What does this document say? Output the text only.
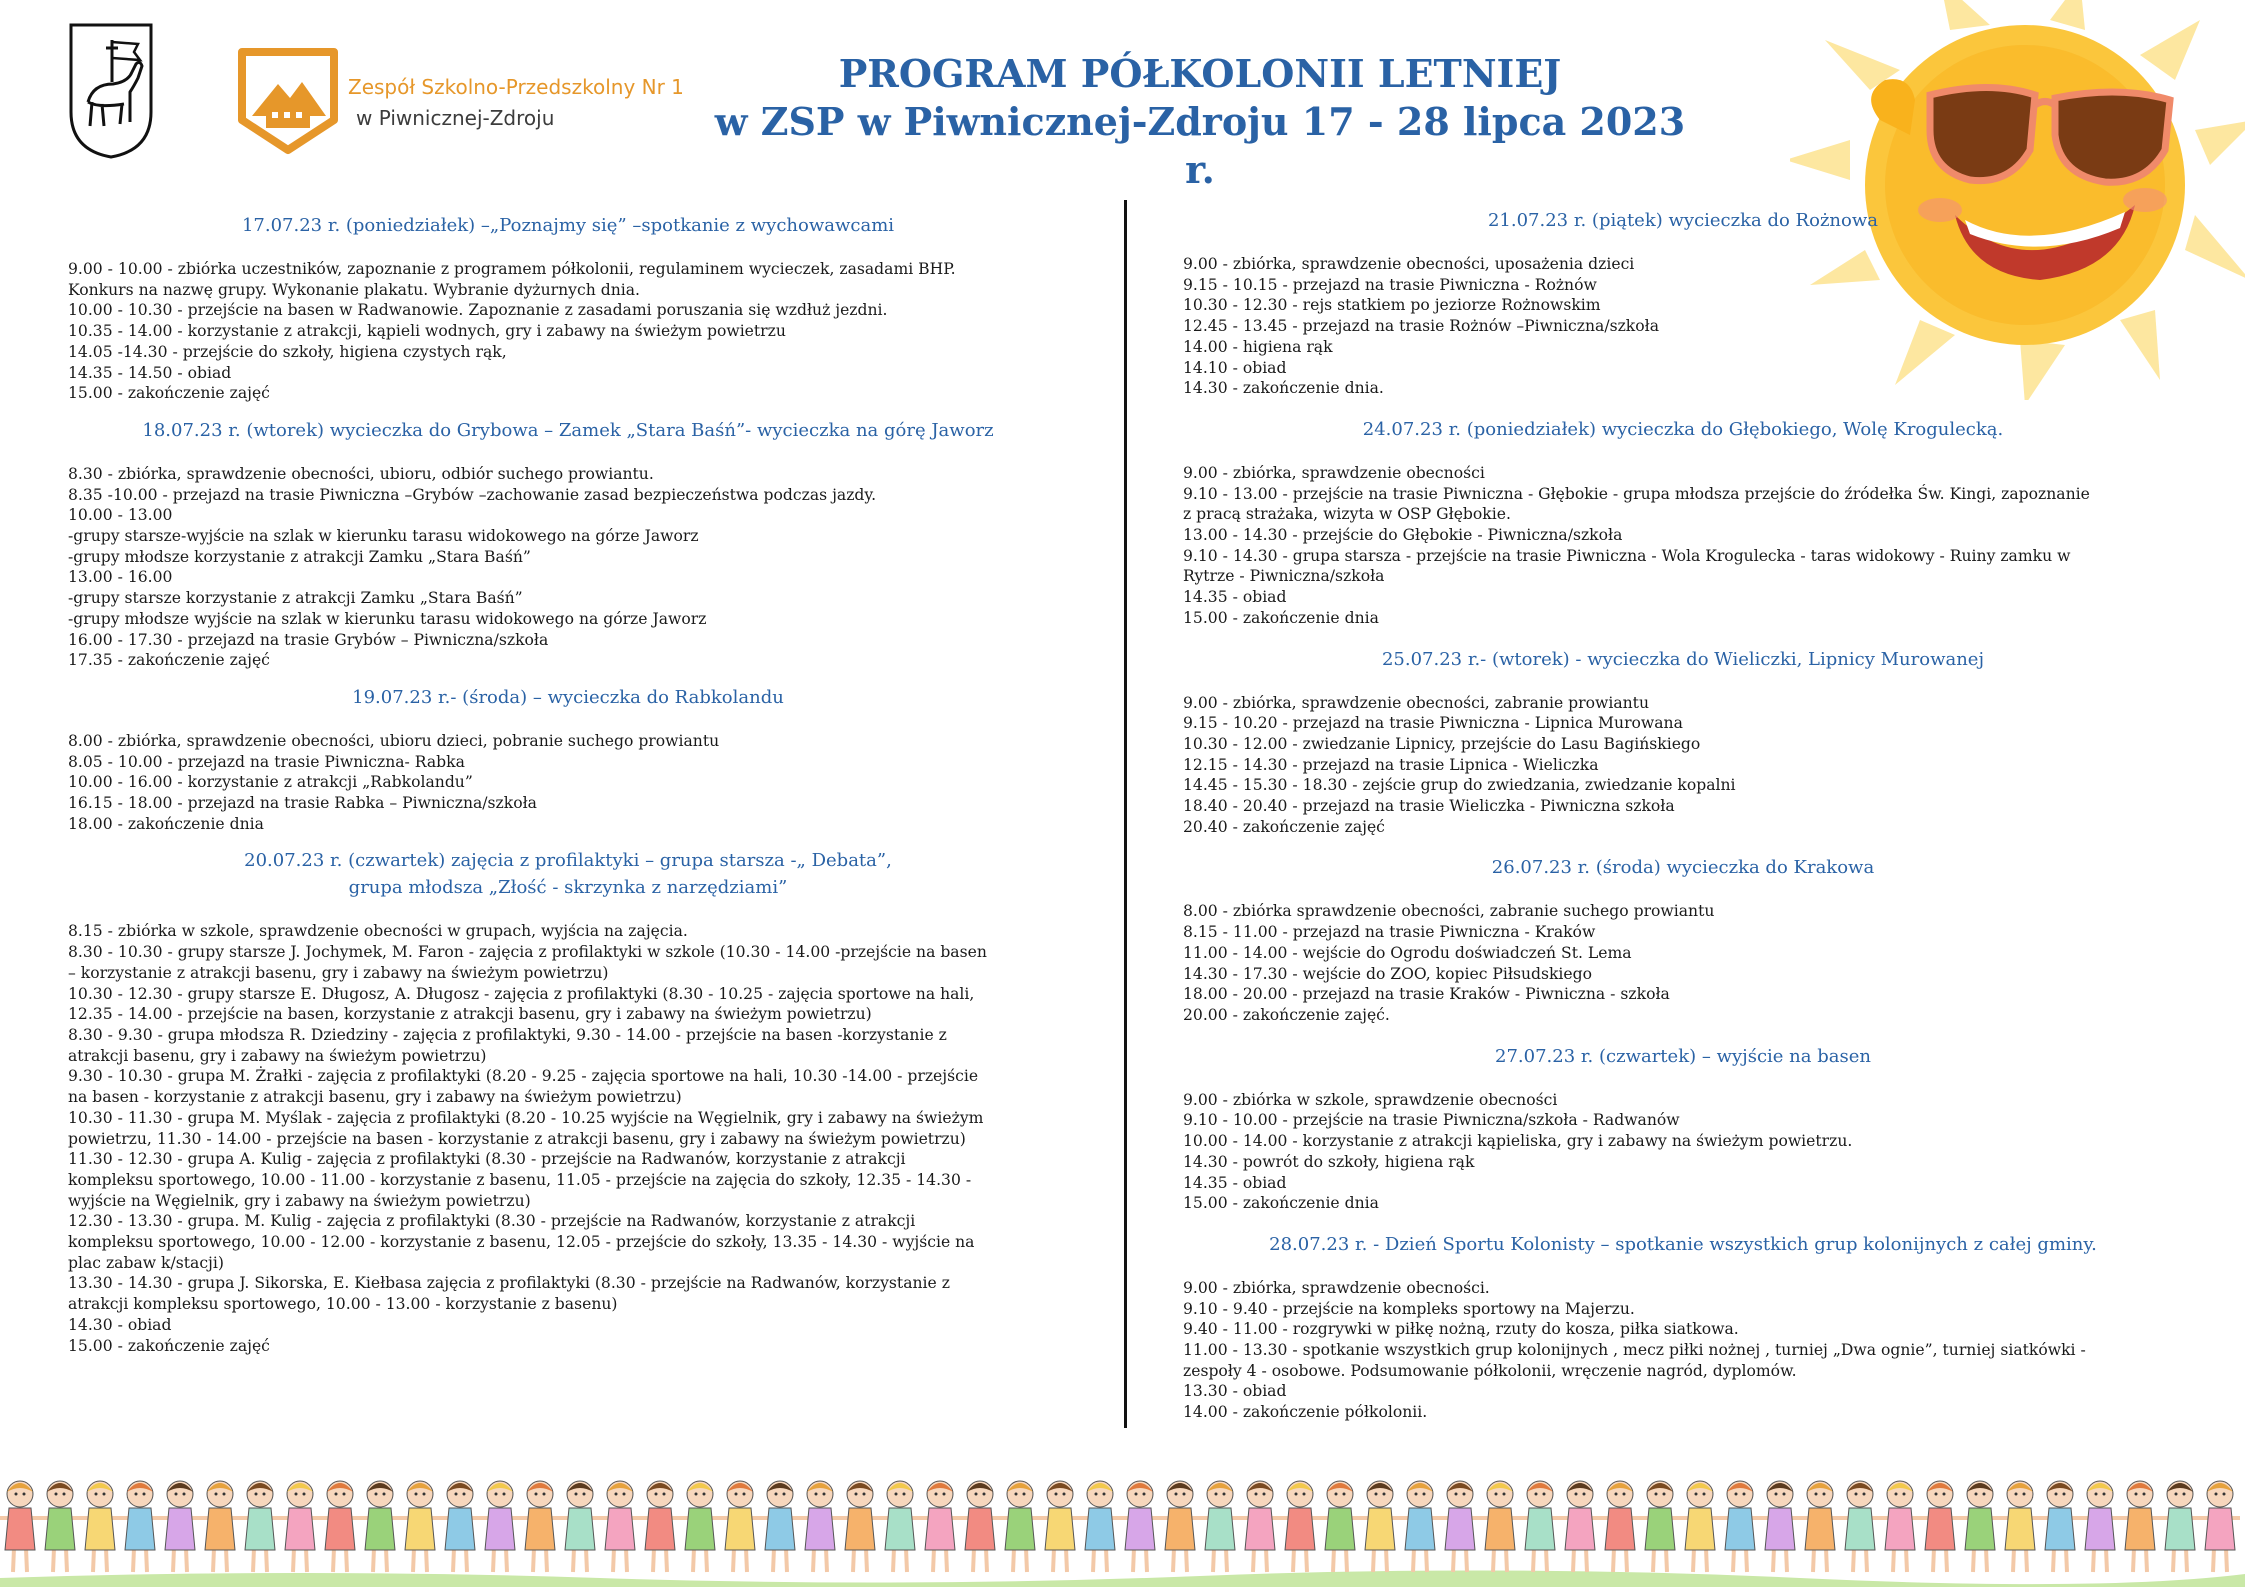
Zespół Szkolno-Przedszkolny Nr 1
w Piwnicznej-Zdroju
PROGRAM PÓŁKOLONII LETNIEJ
w ZSP w Piwnicznej-Zdroju 17 - 28 lipca 2023 r.
17.07.23 r. (poniedziałek) –„Poznajmy się” –spotkanie z wychowawcami
9.00 - 10.00 - zbiórka uczestników, zapoznanie z programem półkolonii, regulaminem wycieczek, zasadami BHP.
Konkurs na nazwę grupy. Wykonanie plakatu. Wybranie dyżurnych dnia.
10.00 - 10.30 - przejście na basen w Radwanowie. Zapoznanie z zasadami poruszania się wzdłuż jezdni.
10.35 - 14.00 - korzystanie z atrakcji, kąpieli wodnych, gry i zabawy na świeżym powietrzu
14.05 -14.30 - przejście do szkoły, higiena czystych rąk,
14.35 - 14.50 - obiad
15.00 - zakończenie zajęć
18.07.23 r. (wtorek) wycieczka do Grybowa – Zamek „Stara Baśń”- wycieczka na górę Jaworz
8.30 - zbiórka, sprawdzenie obecności, ubioru, odbiór suchego prowiantu.
8.35 -10.00 - przejazd na trasie Piwniczna –Grybów –zachowanie zasad bezpieczeństwa podczas jazdy.
10.00 - 13.00
-grupy starsze-wyjście na szlak w kierunku tarasu widokowego na górze Jaworz
-grupy młodsze korzystanie z atrakcji Zamku „Stara Baśń”
13.00 - 16.00
-grupy starsze korzystanie z atrakcji Zamku „Stara Baśń”
-grupy młodsze wyjście na szlak w kierunku tarasu widokowego na górze Jaworz
16.00 - 17.30 - przejazd na trasie Grybów – Piwniczna/szkoła
17.35 - zakończenie zajęć
19.07.23 r.- (środa) – wycieczka do Rabkolandu
8.00 - zbiórka, sprawdzenie obecności, ubioru dzieci, pobranie suchego prowiantu
8.05 - 10.00 - przejazd na trasie Piwniczna- Rabka
10.00 - 16.00 - korzystanie z atrakcji „Rabkolandu”
16.15 - 18.00 - przejazd na trasie Rabka – Piwniczna/szkoła
18.00 - zakończenie dnia
20.07.23 r. (czwartek) zajęcia z profilaktyki – grupa starsza -„ Debata”,
grupa młodsza „Złość - skrzynka z narzędziami”
8.15 - zbiórka w szkole, sprawdzenie obecności w grupach, wyjścia na zajęcia.
8.30 - 10.30 - grupy starsze J. Jochymek, M. Faron - zajęcia z profilaktyki w szkole (10.30 - 14.00 -przejście na basen
– korzystanie z atrakcji basenu, gry i zabawy na świeżym powietrzu)
10.30 - 12.30 - grupy starsze E. Długosz, A. Długosz - zajęcia z profilaktyki (8.30 - 10.25 - zajęcia sportowe na hali,
12.35 - 14.00 - przejście na basen, korzystanie z atrakcji basenu, gry i zabawy na świeżym powietrzu)
8.30 - 9.30 - grupa młodsza R. Dziedziny - zajęcia z profilaktyki, 9.30 - 14.00 - przejście na basen -korzystanie z
atrakcji basenu, gry i zabawy na świeżym powietrzu)
9.30 - 10.30 - grupa M. Żrałki - zajęcia z profilaktyki (8.20 - 9.25 - zajęcia sportowe na hali, 10.30 -14.00 - przejście
na basen - korzystanie z atrakcji basenu, gry i zabawy na świeżym powietrzu)
10.30 - 11.30 - grupa M. Myślak - zajęcia z profilaktyki (8.20 - 10.25 wyjście na Węgielnik, gry i zabawy na świeżym
powietrzu, 11.30 - 14.00 - przejście na basen - korzystanie z atrakcji basenu, gry i zabawy na świeżym powietrzu)
11.30 - 12.30 - grupa A. Kulig - zajęcia z profilaktyki (8.30 - przejście na Radwanów, korzystanie z atrakcji
kompleksu sportowego, 10.00 - 11.00 - korzystanie z basenu, 11.05 - przejście na zajęcia do szkoły, 12.35 - 14.30 -
wyjście na Węgielnik, gry i zabawy na świeżym powietrzu)
12.30 - 13.30 - grupa. M. Kulig - zajęcia z profilaktyki (8.30 - przejście na Radwanów, korzystanie z atrakcji
kompleksu sportowego, 10.00 - 12.00 - korzystanie z basenu, 12.05 - przejście do szkoły, 13.35 - 14.30 - wyjście na
plac zabaw k/stacji)
13.30 - 14.30 - grupa J. Sikorska, E. Kiełbasa zajęcia z profilaktyki (8.30 - przejście na Radwanów, korzystanie z
atrakcji kompleksu sportowego, 10.00 - 13.00 - korzystanie z basenu)
14.30 - obiad
15.00 - zakończenie zajęć
21.07.23 r. (piątek) wycieczka do Rożnowa
9.00 - zbiórka, sprawdzenie obecności, uposażenia dzieci
9.15 - 10.15 - przejazd na trasie Piwniczna - Rożnów
10.30 - 12.30 - rejs statkiem po jeziorze Rożnowskim
12.45 - 13.45 - przejazd na trasie Rożnów –Piwniczna/szkoła
14.00 - higiena rąk
14.10 - obiad
14.30 - zakończenie dnia.
24.07.23 r. (poniedziałek) wycieczka do Głębokiego, Wolę Krogulecką.
9.00 - zbiórka, sprawdzenie obecności
9.10 - 13.00 - przejście na trasie Piwniczna - Głębokie - grupa młodsza przejście do źródełka Św. Kingi, zapoznanie
z pracą strażaka, wizyta w OSP Głębokie.
13.00 - 14.30 - przejście do Głębokie - Piwniczna/szkoła
9.10 - 14.30 - grupa starsza - przejście na trasie Piwniczna - Wola Krogulecka - taras widokowy - Ruiny zamku w
Rytrze - Piwniczna/szkoła
14.35 - obiad
15.00 - zakończenie dnia
25.07.23 r.- (wtorek) - wycieczka do Wieliczki, Lipnicy Murowanej
9.00 - zbiórka, sprawdzenie obecności, zabranie prowiantu
9.15 - 10.20 - przejazd na trasie Piwniczna - Lipnica Murowana
10.30 - 12.00 - zwiedzanie Lipnicy, przejście do Lasu Bagińskiego
12.15 - 14.30 - przejazd na trasie Lipnica - Wieliczka
14.45 - 15.30 - 18.30 - zejście grup do zwiedzania, zwiedzanie kopalni
18.40 - 20.40 - przejazd na trasie Wieliczka - Piwniczna szkoła
20.40 - zakończenie zajęć
26.07.23 r. (środa) wycieczka do Krakowa
8.00 - zbiórka sprawdzenie obecności, zabranie suchego prowiantu
8.15 - 11.00 - przejazd na trasie Piwniczna - Kraków
11.00 - 14.00 - wejście do Ogrodu doświadczeń St. Lema
14.30 - 17.30 - wejście do ZOO, kopiec Piłsudskiego
18.00 - 20.00 - przejazd na trasie Kraków - Piwniczna - szkoła
20.00 - zakończenie zajęć.
27.07.23 r. (czwartek) – wyjście na basen
9.00 - zbiórka w szkole, sprawdzenie obecności
9.10 - 10.00 - przejście na trasie Piwniczna/szkoła - Radwanów
10.00 - 14.00 - korzystanie z atrakcji kąpieliska, gry i zabawy na świeżym powietrzu.
14.30 - powrót do szkoły, higiena rąk
14.35 - obiad
15.00 - zakończenie dnia
28.07.23 r. - Dzień Sportu Kolonisty – spotkanie wszystkich grup kolonijnych z całej gminy.
9.00 - zbiórka, sprawdzenie obecności.
9.10 - 9.40 - przejście na kompleks sportowy na Majerzu.
9.40 - 11.00 - rozgrywki w piłkę nożną, rzuty do kosza, piłka siatkowa.
11.00 - 13.30 - spotkanie wszystkich grup kolonijnych , mecz piłki nożnej , turniej „Dwa ognie”, turniej siatkówki -
zespoły 4 - osobowe. Podsumowanie półkolonii, wręczenie nagród, dyplomów.
13.30 - obiad
14.00 - zakończenie półkolonii.
